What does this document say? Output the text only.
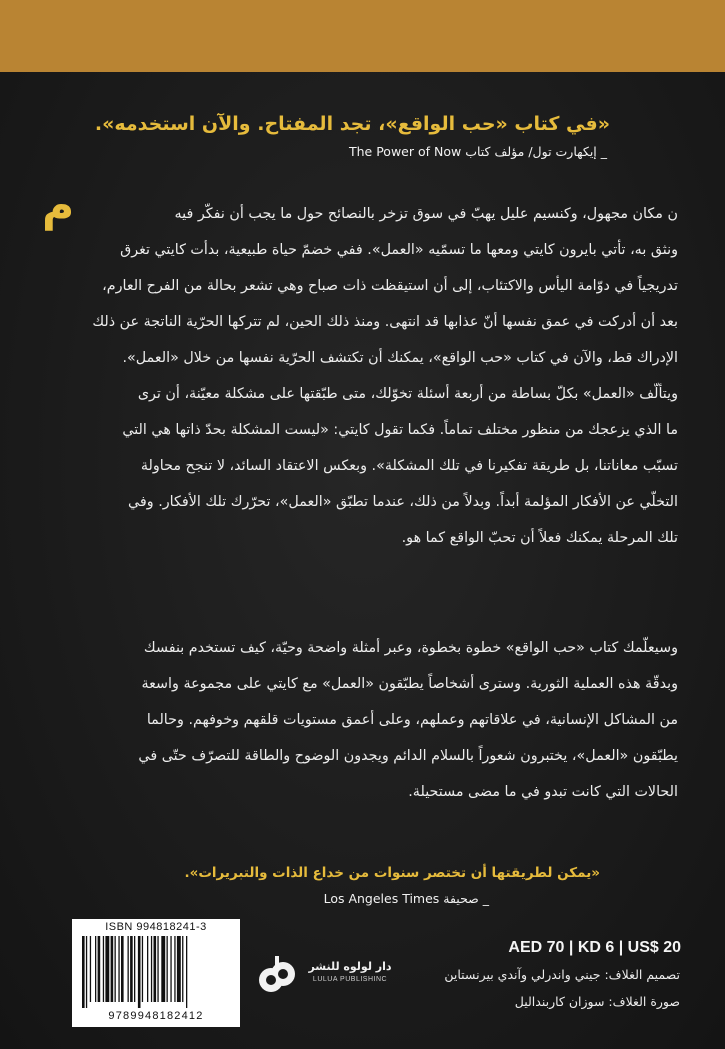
«في كتاب «حب الواقع»، تجد المفتاح. والآن استخدمه».
_ إيكهارت تول/ مؤلف كتاب The Power of Now
م	ن مكان مجهول، وكنسيم عليل يهبّ في سوق تزخر بالنصائح حول ما يجب أن نفكّر فيه
ونثق به، تأتي بايرون كايتي ومعها ما تسمّيه «العمل». ففي خضمّ حياة طبيعية، بدأت كايتي تغرق
تدريجياً في دوّامة اليأس والاكتئاب، إلى أن استيقظت ذات صباح وهي تشعر بحالة من الفرح العارم،
بعد أن أدركت في عمق نفسها أنّ عذابها قد انتهى. ومنذ ذلك الحين، لم تتركها الحرّية الناتجة عن ذلك
الإدراك قط، والآن في كتاب «حب الواقع»، يمكنك أن تكتشف الحرّية نفسها من خلال «العمل».
ويتألّف «العمل» بكلّ بساطة من أربعة أسئلة تخوّلك، متى طبّقتها على مشكلة معيّنة، أن ترى
ما الذي يزعجك من منظور مختلف تماماً. فكما تقول كايتي: «ليست المشكلة بحدّ ذاتها هي التي
تسبّب معاناتنا، بل طريقة تفكيرنا في تلك المشكلة». وبعكس الاعتقاد السائد، لا تنجح محاولة
التخلّي عن الأفكار المؤلمة أبداً. وبدلاً من ذلك، عندما تطبّق «العمل»، تحرّرك تلك الأفكار. وفي
تلك المرحلة يمكنك فعلاً أن تحبّ الواقع كما هو.
وسيعلّمك كتاب «حب الواقع» خطوة بخطوة، وعبر أمثلة واضحة وحيّة، كيف تستخدم بنفسك
وبدقّة هذه العملية الثورية. وسترى أشخاصاً يطبّقون «العمل» مع كايتي على مجموعة واسعة
من المشاكل الإنسانية، في علاقاتهم وعملهم، وعلى أعمق مستويات قلقهم وخوفهم. وحالما
يطبّقون «العمل»، يختبرون شعوراً بالسلام الدائم ويجدون الوضوح والطاقة للتصرّف حتّى في
الحالات التي كانت تبدو في ما مضى مستحيلة.
«يمكن لطريقتها أن تختصر سنوات من خداع الذات والتبريرات».
_ صحيفة Los Angeles Times
ISBN 994818241-3
9789948182412
دار لولوه للنشر
LULUA PUBLISHINC
AED 70 | KD 6 | US$ 20
تصميم الغلاف: جيني واندرلي وآندي بيرنستاين
صورة الغلاف: سوزان كاربنداليل
